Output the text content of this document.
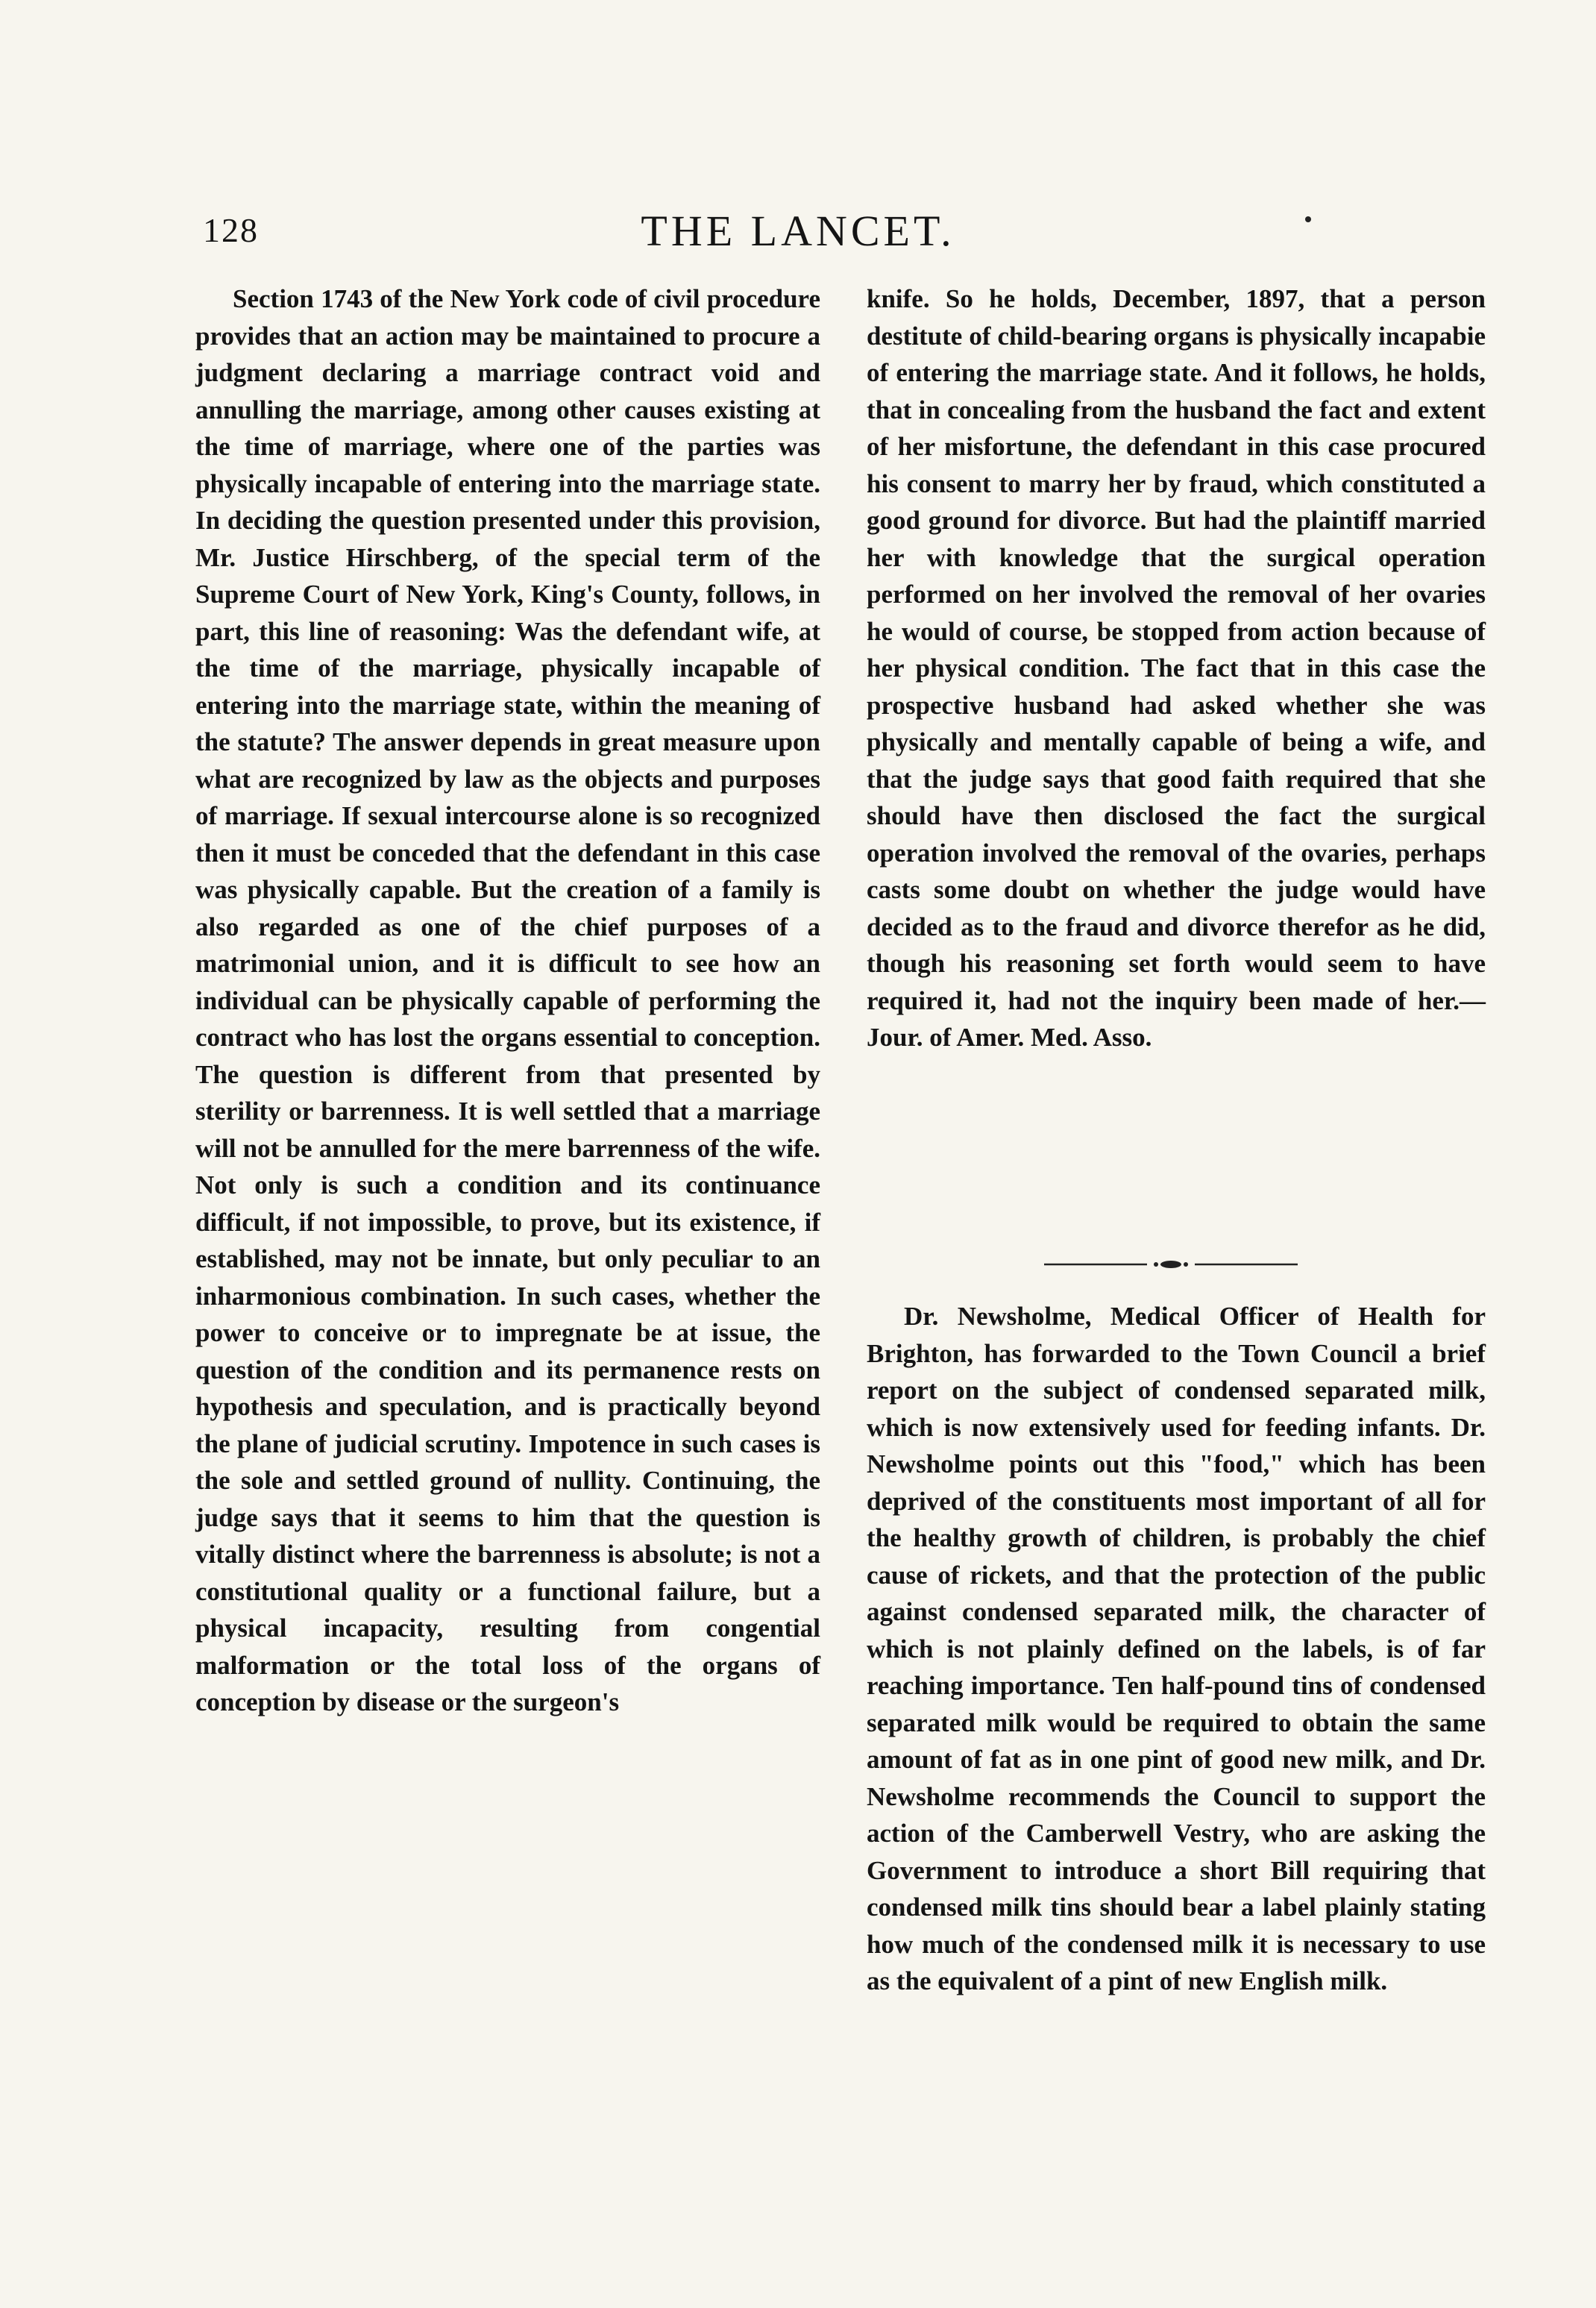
128	THE LANCET.

Section 1743 of the New York code of civil procedure provides that an action may be maintained to procure a judgment declaring a marriage contract void and annulling the marriage, among other causes existing at the time of marriage, where one of the parties was physically incapable of entering into the marriage state. In deciding the question presented under this provision, Mr. Justice Hirschberg, of the special term of the Supreme Court of New York, King's County, follows, in part, this line of reasoning: Was the defendant wife, at the time of the marriage, physically incapable of entering into the marriage state, within the meaning of the statute? The answer depends in great measure upon what are recognized by law as the objects and purposes of marriage. If sexual intercourse alone is so recognized then it must be conceded that the defendant in this case was physically capable. But the creation of a family is also regarded as one of the chief purposes of a matrimonial union, and it is difficult to see how an individual can be physically capable of performing the contract who has lost the organs essential to conception. The question is different from that presented by sterility or barrenness. It is well settled that a marriage will not be annulled for the mere barrenness of the wife. Not only is such a condition and its continuance difficult, if not impossible, to prove, but its existence, if established, may not be innate, but only peculiar to an inharmonious combination. In such cases, whether the power to conceive or to impregnate be at issue, the question of the condition and its permanence rests on hypothesis and speculation, and is practically beyond the plane of judicial scrutiny. Impotence in such cases is the sole and settled ground of nullity. Continuing, the judge says that it seems to him that the question is vitally distinct where the barrenness is absolute; is not a constitutional quality or a functional failure, but a physical incapacity, resulting from congential malformation or the total loss of the organs of conception by disease or the surgeon's

knife. So he holds, December, 1897, that a person destitute of child-bearing organs is physically incapabie of entering the marriage state. And it follows, he holds, that in concealing from the husband the fact and extent of her misfortune, the defendant in this case procured his consent to marry her by fraud, which constituted a good ground for divorce. But had the plaintiff married her with knowledge that the surgical operation performed on her involved the removal of her ovaries he would of course, be stopped from action because of her physical condition. The fact that in this case the prospective husband had asked whether she was physically and mentally capable of being a wife, and that the judge says that good faith required that she should have then disclosed the fact the surgical operation involved the removal of the ovaries, perhaps casts some doubt on whether the judge would have decided as to the fraud and divorce therefor as he did, though his reasoning set forth would seem to have required it, had not the inquiry been made of her.—Jour. of Amer. Med. Asso.

Dr. Newsholme, Medical Officer of Health for Brighton, has forwarded to the Town Council a brief report on the subject of condensed separated milk, which is now extensively used for feeding infants. Dr. Newsholme points out this "food," which has been deprived of the constituents most important of all for the healthy growth of children, is probably the chief cause of rickets, and that the protection of the public against condensed separated milk, the character of which is not plainly defined on the labels, is of far reaching importance. Ten half-pound tins of condensed separated milk would be required to obtain the same amount of fat as in one pint of good new milk, and Dr. Newsholme recommends the Council to support the action of the Camberwell Vestry, who are asking the Government to introduce a short Bill requiring that condensed milk tins should bear a label plainly stating how much of the condensed milk it is necessary to use as the equivalent of a pint of new English milk.
